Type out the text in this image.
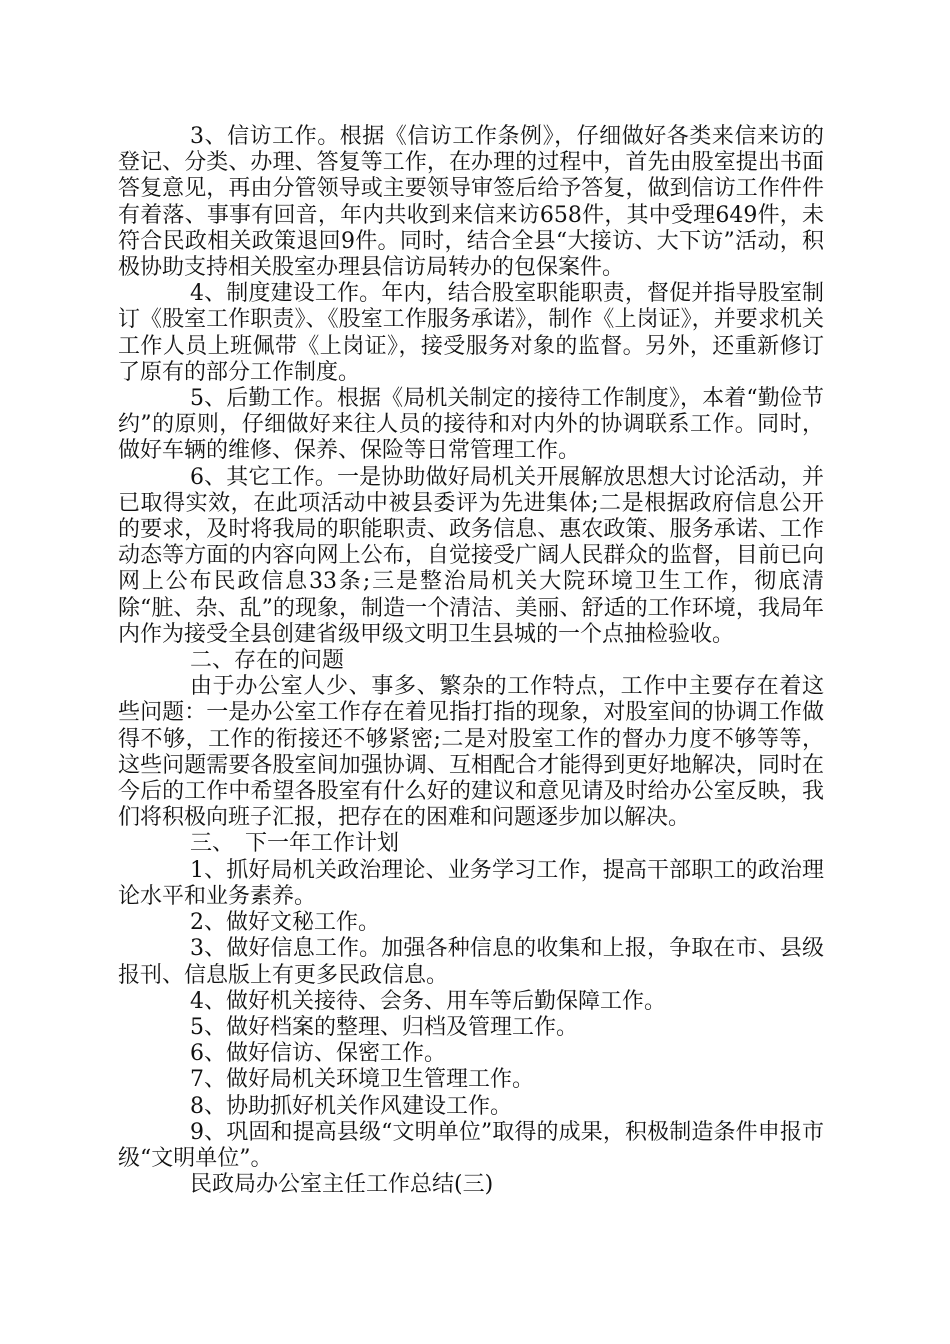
3、信访工作。根据《信访工作条例》，仔细做好各类来信来访的登记、分类、办理、答复等工作，在办理的过程中，首先由股室提出书面答复意见，再由分管领导或主要领导审签后给予答复，做到信访工作件件有着落、事事有回音，年内共收到来信来访658件，其中受理649件，未符合民政相关政策退回9件。同时，结合全县“大接访、大下访”活动，积极协助支持相关股室办理县信访局转办的包保案件。

4、制度建设工作。年内，结合股室职能职责，督促并指导股室制订《股室工作职责》、《股室工作服务承诺》，制作《上岗证》，并要求机关工作人员上班佩带《上岗证》，接受服务对象的监督。另外，还重新修订了原有的部分工作制度。

5、后勤工作。根据《局机关制定的接待工作制度》，本着“勤俭节约”的原则，仔细做好来往人员的接待和对内外的协调联系工作。同时，做好车辆的维修、保养、保险等日常管理工作。

6、其它工作。一是协助做好局机关开展解放思想大讨论活动，并已取得实效，在此项活动中被县委评为先进集体;二是根据政府信息公开的要求，及时将我局的职能职责、政务信息、惠农政策、服务承诺、工作动态等方面的内容向网上公布，自觉接受广阔人民群众的监督，目前已向网上公布民政信息33条;三是整治局机关大院环境卫生工作，彻底清除“脏、杂、乱”的现象，制造一个清洁、美丽、舒适的工作环境，我局年内作为接受全县创建省级甲级文明卫生县城的一个点抽检验收。

二、存在的问题

由于办公室人少、事多、繁杂的工作特点，工作中主要存在着这些问题：一是办公室工作存在着见指打指的现象，对股室间的协调工作做得不够，工作的衔接还不够紧密;二是对股室工作的督办力度不够等等，这些问题需要各股室间加强协调、互相配合才能得到更好地解决，同时在今后的工作中希望各股室有什么好的建议和意见请及时给办公室反映，我们将积极向班子汇报，把存在的困难和问题逐步加以解决。

三、　下一年工作计划

1、抓好局机关政治理论、业务学习工作，提高干部职工的政治理论水平和业务素养。

2、做好文秘工作。

3、做好信息工作。加强各种信息的收集和上报，争取在市、县级报刊、信息版上有更多民政信息。

4、做好机关接待、会务、用车等后勤保障工作。

5、做好档案的整理、归档及管理工作。

6、做好信访、保密工作。

7、做好局机关环境卫生管理工作。

8、协助抓好机关作风建设工作。

9、巩固和提高县级“文明单位”取得的成果，积极制造条件申报市级“文明单位”。

民政局办公室主任工作总结(三)
